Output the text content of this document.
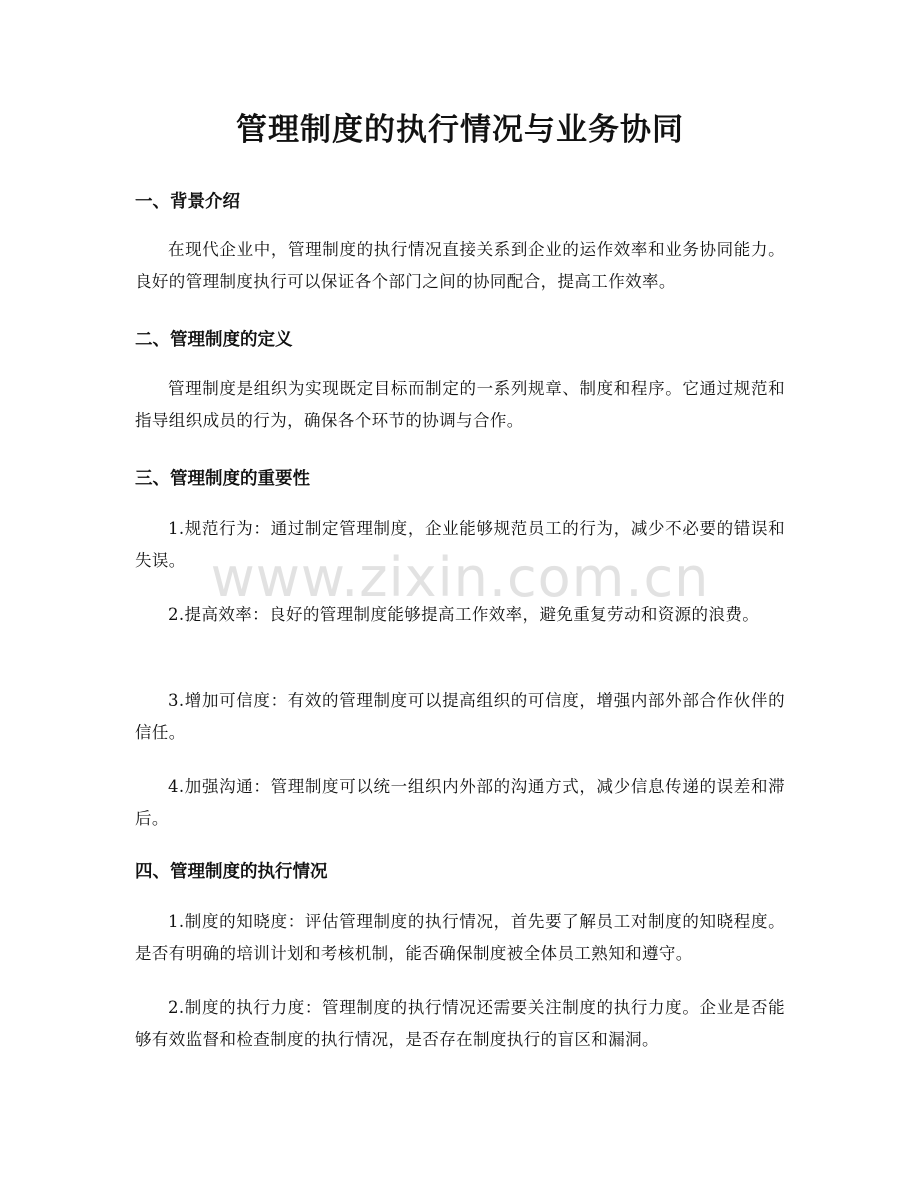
管理制度的执行情况与业务协同
一、背景介绍

在现代企业中，管理制度的执行情况直接关系到企业的运作效率和业务协同能力。良好的管理制度执行可以保证各个部门之间的协同配合，提高工作效率。

二、管理制度的定义

管理制度是组织为实现既定目标而制定的一系列规章、制度和程序。它通过规范和指导组织成员的行为，确保各个环节的协调与合作。

三、管理制度的重要性

1.规范行为：通过制定管理制度，企业能够规范员工的行为，减少不必要的错误和失误。

2.提高效率：良好的管理制度能够提高工作效率，避免重复劳动和资源的浪费。

3.增加可信度：有效的管理制度可以提高组织的可信度，增强内部外部合作伙伴的信任。

4.加强沟通：管理制度可以统一组织内外部的沟通方式，减少信息传递的误差和滞后。

四、管理制度的执行情况

1.制度的知晓度：评估管理制度的执行情况，首先要了解员工对制度的知晓程度。是否有明确的培训计划和考核机制，能否确保制度被全体员工熟知和遵守。

2.制度的执行力度：管理制度的执行情况还需要关注制度的执行力度。企业是否能够有效监督和检查制度的执行情况，是否存在制度执行的盲区和漏洞。

www.zixin.com.cn
